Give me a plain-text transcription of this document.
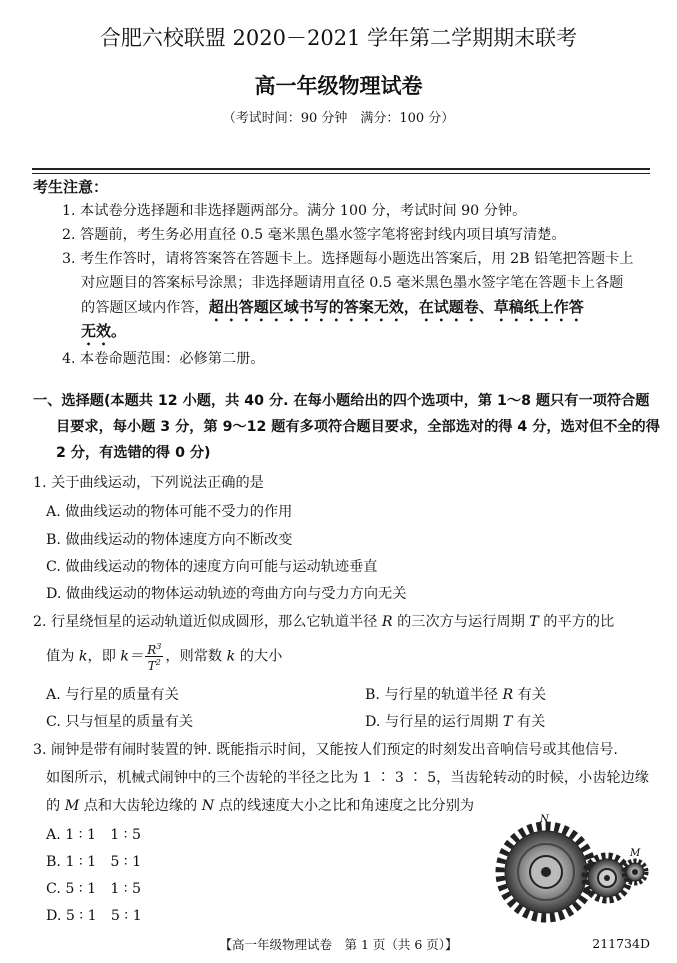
合肥六校联盟 2020－2021 学年第二学期期末联考
高一年级物理试卷
（考试时间：90 分钟　满分：100 分）
考生注意：
1. 本试卷分选择题和非选择题两部分。满分 100 分，考试时间 90 分钟。
2. 答题前，考生务必用直径 0.5 毫米黑色墨水签字笔将密封线内项目填写清楚。
3. 考生作答时，请将答案答在答题卡上。选择题每小题选出答案后，用 2B 铅笔把答题卡上
对应题目的答案标号涂黑；非选择题请用直径 0.5 毫米黑色墨水签字笔在答题卡上各题
的答题区域内作答，超出答题区域书写的答案无效，在试题卷、草稿纸上作答
无效。
4. 本卷命题范围：必修第二册。
一、选择题(本题共 12 小题，共 40 分. 在每小题给出的四个选项中，第 1～8 题只有一项符合题
目要求，每小题 3 分，第 9～12 题有多项符合题目要求，全部选对的得 4 分，选对但不全的得
2 分，有选错的得 0 分)
1. 关于曲线运动，下列说法正确的是
A. 做曲线运动的物体可能不受力的作用
B. 做曲线运动的物体速度方向不断改变
C. 做曲线运动的物体的速度方向可能与运动轨迹垂直
D. 做曲线运动的物体运动轨迹的弯曲方向与受力方向无关
2. 行星绕恒星的运动轨道近似成圆形，那么它轨道半径 R 的三次方与运行周期 T 的平方的比
值为 k，即 $k= \frac{R^3}{T^2}$ ，则常数 k 的大小
A. 与行星的质量有关	B. 与行星的轨道半径 R 有关
C. 只与恒星的质量有关	D. 与行星的运行周期 T 有关
3. 闹钟是带有闹时装置的钟. 既能指示时间，又能按人们预定的时刻发出音响信号或其他信号.
如图所示，机械式闹钟中的三个齿轮的半径之比为 1 ∶ 3 ∶ 5，当齿轮转动的时候，小齿轮边缘
的 M 点和大齿轮边缘的 N 点的线速度大小之比和角速度之比分别为
A. 1 ∶ 1　1 ∶ 5
B. 1 ∶ 1　5 ∶ 1
C. 5 ∶ 1　1 ∶ 5
D. 5 ∶ 1　5 ∶ 1
N
M
【高一年级物理试卷　第 1 页（共 6 页）】	211734D
